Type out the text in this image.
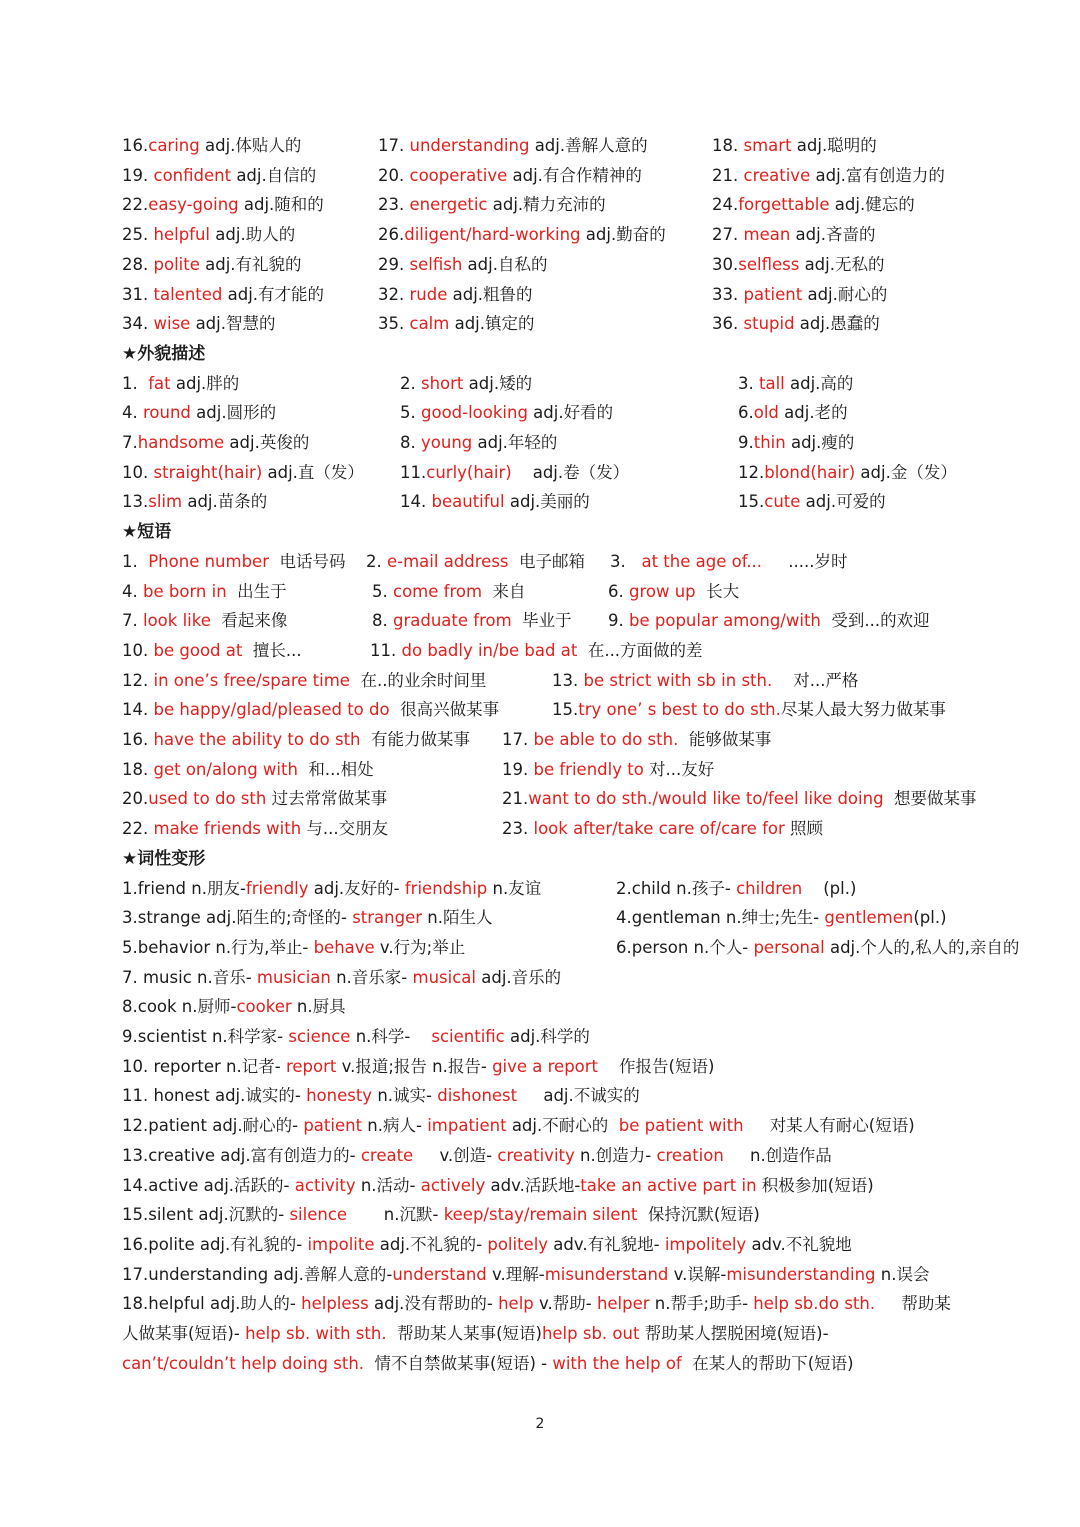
16.caring adj.体贴人的	17. understanding adj.善解人意的	18. smart adj.聪明的
19. confident adj.自信的	20. cooperative adj.有合作精神的	21. creative adj.富有创造力的
22.easy-going adj.随和的	23. energetic adj.精力充沛的	24.forgettable adj.健忘的
25. helpful adj.助人的	26.diligent/hard-working adj.勤奋的	27. mean adj.吝啬的
28. polite adj.有礼貌的	29. selfish adj.自私的	30.selfless adj.无私的
31. talented adj.有才能的	32. rude adj.粗鲁的	33. patient adj.耐心的
34. wise adj.智慧的	35. calm adj.镇定的	36. stupid adj.愚蠢的
★外貌描述
1.  fat adj.胖的	2. short adj.矮的	3. tall adj.高的
4. round adj.圆形的	5. good-looking adj.好看的	6.old adj.老的
7.handsome adj.英俊的	8. young adj.年轻的	9.thin adj.瘦的
10. straight(hair) adj.直（发） 11.curly(hair)    adj.卷（发）	12.blond(hair) adj.金（发）
13.slim adj.苗条的	14. beautiful adj.美丽的	15.cute adj.可爱的
★短语
1.  Phone number  电话号码 2. e-mail address  电子邮箱 3.   at the age of...     .....岁时
4. be born in  出生于	5. come from  来自	6. grow up  长大
7. look like  看起来像	8. graduate from  毕业于 9. be popular among/with  受到...的欢迎
10. be good at  擅长...	11. do badly in/be bad at  在...方面做的差
12. in one’s free/spare time  在..的业余时间里	13. be strict with sb in sth.    对...严格
14. be happy/glad/pleased to do  很高兴做某事	15.try one’ s best to do sth.尽某人最大努力做某事
16. have the ability to do sth  有能力做某事 17. be able to do sth.  能够做某事
18. get on/along with  和...相处	19. be friendly to 对...友好
20.used to do sth 过去常常做某事	21.want to do sth./would like to/feel like doing  想要做某事
22. make friends with 与...交朋友	23. look after/take care of/care for 照顾
★词性变形
1.friend n.朋友-friendly adj.友好的- friendship n.友谊	2.child n.孩子- children    (pl.)
3.strange adj.陌生的;奇怪的- stranger n.陌生人	4.gentleman n.绅士;先生- gentlemen(pl.)
5.behavior n.行为,举止- behave v.行为;举止	6.person n.个人- personal adj.个人的,私人的,亲自的
7. music n.音乐- musician n.音乐家- musical adj.音乐的
8.cook n.厨师-cooker n.厨具
9.scientist n.科学家- science n.科学-    scientific adj.科学的
10. reporter n.记者- report v.报道;报告 n.报告- give a report    作报告(短语)
11. honest adj.诚实的- honesty n.诚实- dishonest     adj.不诚实的
12.patient adj.耐心的- patient n.病人- impatient adj.不耐心的  be patient with     对某人有耐心(短语)
13.creative adj.富有创造力的- create     v.创造- creativity n.创造力- creation     n.创造作品
14.active adj.活跃的- activity n.活动- actively adv.活跃地-take an active part in 积极参加(短语)
15.silent adj.沉默的- silence       n.沉默- keep/stay/remain silent  保持沉默(短语)
16.polite adj.有礼貌的- impolite adj.不礼貌的- politely adv.有礼貌地- impolitely adv.不礼貌地
17.understanding adj.善解人意的-understand v.理解-misunderstand v.误解-misunderstanding n.误会
18.helpful adj.助人的- helpless adj.没有帮助的- help v.帮助- helper n.帮手;助手- help sb.do sth.     帮助某
人做某事(短语)- help sb. with sth.  帮助某人某事(短语)help sb. out 帮助某人摆脱困境(短语)-
can’t/couldn’t help doing sth.  情不自禁做某事(短语) - with the help of  在某人的帮助下(短语)
2
